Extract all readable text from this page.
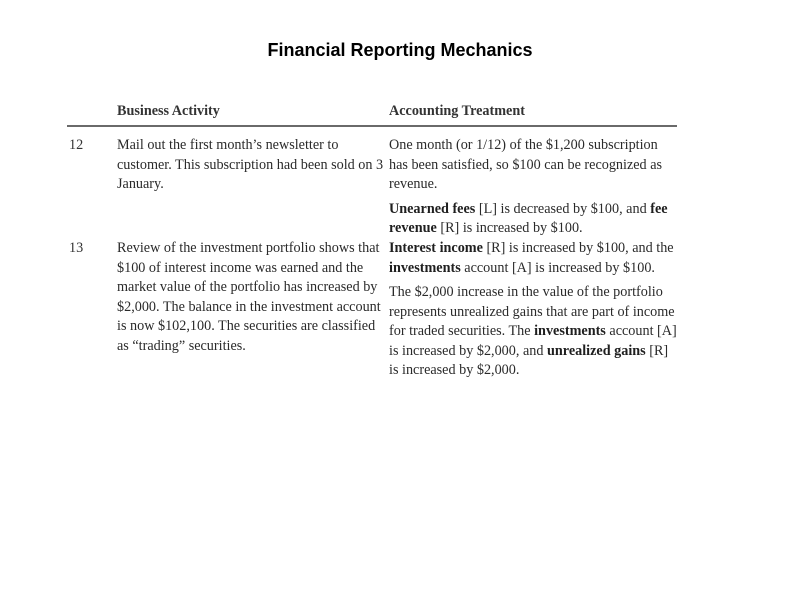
Financial Reporting Mechanics
Business Activity	Accounting Treatment
12 Mail out the first month’s newsletter to customer. This subscription had been sold on 3 January.

One month (or 1/12) of the $1,200 subscription has been satisfied, so $100 can be recognized as revenue.

Unearned fees [L] is decreased by $100, and fee revenue [R] is increased by $100.

13 Review of the investment portfolio shows that $100 of interest income was earned and the market value of the portfolio has increased by $2,000. The balance in the investment account is now $102,100. The securities are classified as “trading” securities.

Interest income [R] is increased by $100, and the investments account [A] is increased by $100.

The $2,000 increase in the value of the portfolio represents unrealized gains that are part of income for traded securities. The investments account [A] is increased by $2,000, and unrealized gains [R] is increased by $2,000.
